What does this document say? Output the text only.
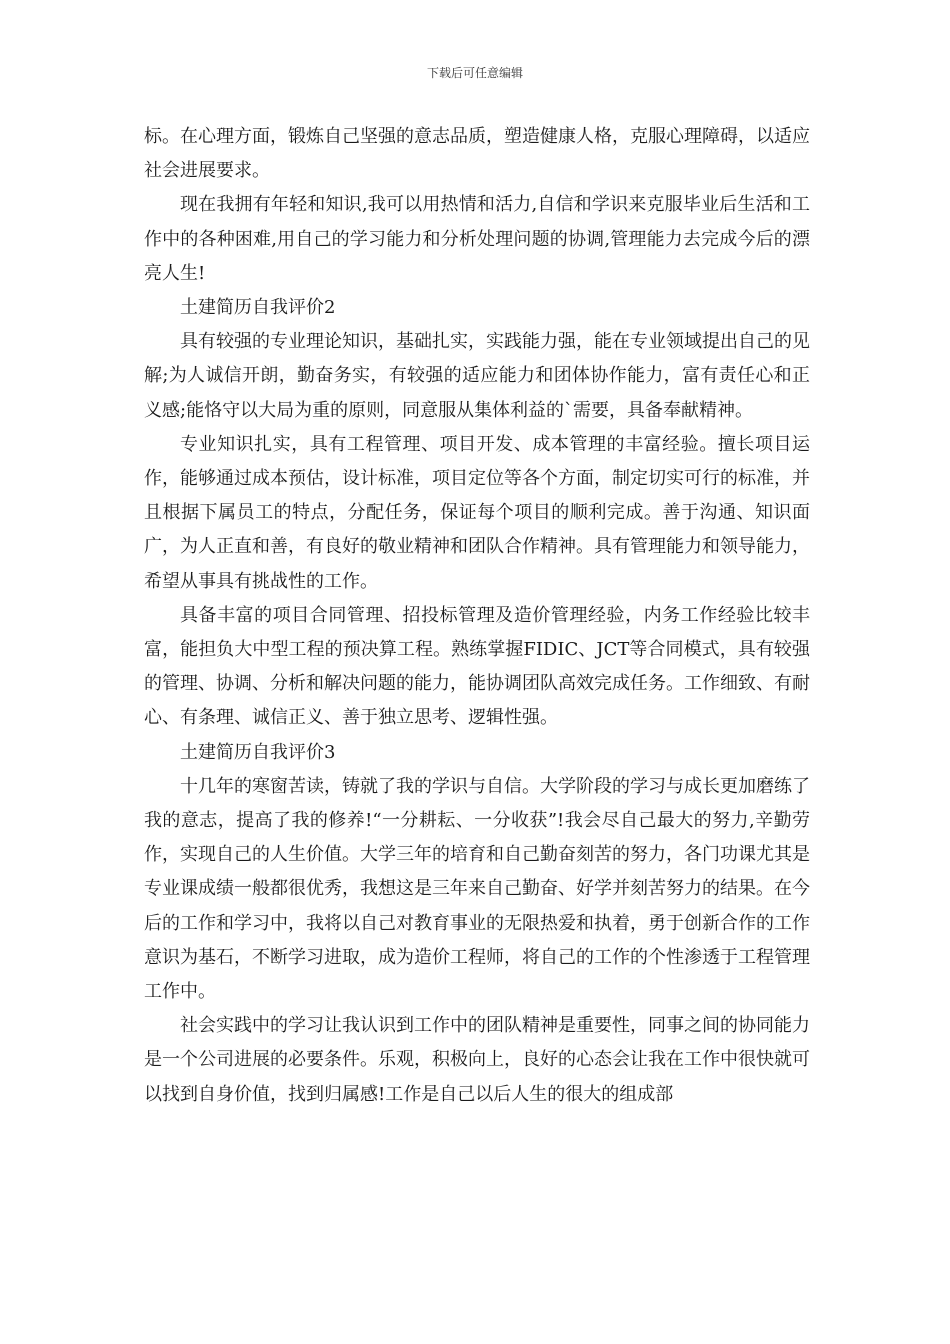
下载后可任意编辑

标。在心理方面，锻炼自己坚强的意志品质，塑造健康人格，克服心理障碍，以适应社会进展要求。

现在我拥有年轻和知识,我可以用热情和活力,自信和学识来克服毕业后生活和工作中的各种困难,用自己的学习能力和分析处理问题的协调,管理能力去完成今后的漂亮人生!

土建简历自我评价2

具有较强的专业理论知识，基础扎实，实践能力强，能在专业领域提出自己的见解;为人诚信开朗，勤奋务实，有较强的适应能力和团体协作能力，富有责任心和正义感;能恪守以大局为重的原则，同意服从集体利益的`需要，具备奉献精神。

专业知识扎实，具有工程管理、项目开发、成本管理的丰富经验。擅长项目运作，能够通过成本预估，设计标准，项目定位等各个方面，制定切实可行的标准，并且根据下属员工的特点，分配任务，保证每个项目的顺利完成。善于沟通、知识面广，为人正直和善，有良好的敬业精神和团队合作精神。具有管理能力和领导能力，希望从事具有挑战性的工作。

具备丰富的项目合同管理、招投标管理及造价管理经验，内务工作经验比较丰富，能担负大中型工程的预决算工程。熟练掌握FIDIC、JCT等合同模式，具有较强的管理、协调、分析和解决问题的能力，能协调团队高效完成任务。工作细致、有耐心、有条理、诚信正义、善于独立思考、逻辑性强。

土建简历自我评价3

十几年的寒窗苦读，铸就了我的学识与自信。大学阶段的学习与成长更加磨练了我的意志，提高了我的修养!“一分耕耘、一分收获”!我会尽自己最大的努力,辛勤劳作，实现自己的人生价值。大学三年的培育和自己勤奋刻苦的努力，各门功课尤其是专业课成绩一般都很优秀，我想这是三年来自己勤奋、好学并刻苦努力的结果。在今后的工作和学习中，我将以自己对教育事业的无限热爱和执着，勇于创新合作的工作意识为基石，不断学习进取，成为造价工程师，将自己的工作的个性渗透于工程管理工作中。

社会实践中的学习让我认识到工作中的团队精神是重要性，同事之间的协同能力是一个公司进展的必要条件。乐观，积极向上，良好的心态会让我在工作中很快就可以找到自身价值，找到归属感!工作是自己以后人生的很大的组成部
